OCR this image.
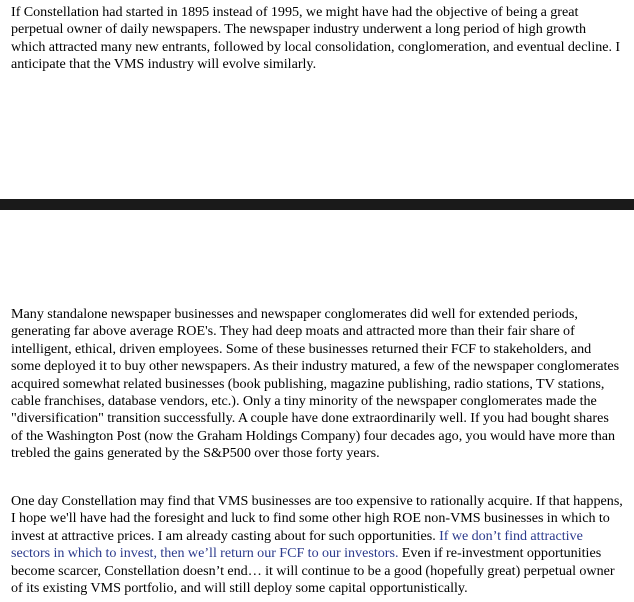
If Constellation had started in 1895 instead of 1995, we might have had the objective of being a great perpetual owner of daily newspapers. The newspaper industry underwent a long period of high growth which attracted many new entrants, followed by local consolidation, conglomeration, and eventual decline. I anticipate that the VMS industry will evolve similarly.

Many standalone newspaper businesses and newspaper conglomerates did well for extended periods, generating far above average ROE's. They had deep moats and attracted more than their fair share of intelligent, ethical, driven employees. Some of these businesses returned their FCF to stakeholders, and some deployed it to buy other newspapers. As their industry matured, a few of the newspaper conglomerates acquired somewhat related businesses (book publishing, magazine publishing, radio stations, TV stations, cable franchises, database vendors, etc.). Only a tiny minority of the newspaper conglomerates made the "diversification" transition successfully. A couple have done extraordinarily well. If you had bought shares of the Washington Post (now the Graham Holdings Company) four decades ago, you would have more than trebled the gains generated by the S&P500 over those forty years.

One day Constellation may find that VMS businesses are too expensive to rationally acquire. If that happens, I hope we'll have had the foresight and luck to find some other high ROE non-VMS businesses in which to invest at attractive prices. I am already casting about for such opportunities. If we don’t find attractive sectors in which to invest, then we’ll return our FCF to our investors. Even if re-investment opportunities become scarcer, Constellation doesn’t end… it will continue to be a good (hopefully great) perpetual owner of its existing VMS portfolio, and will still deploy some capital opportunistically.
